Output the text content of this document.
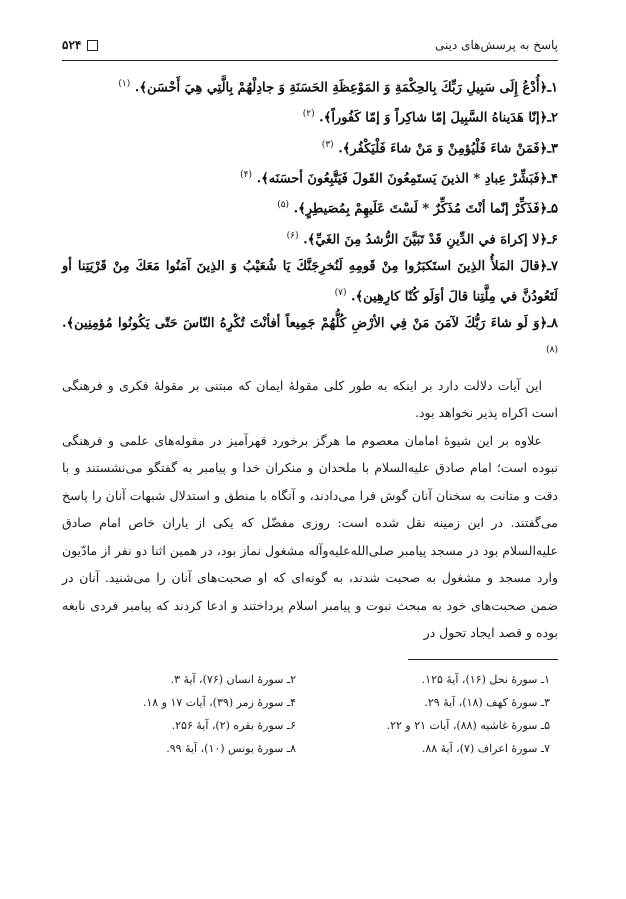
پاسخ به پرسش‌های دینی
۵۲۴
۱ـ﴿أُدْعُ إِلَى سَبِيلِ رَبِّكَ بِالحِكْمَةِ وَ المَوْعِظَةِ الحَسَنَةِ وَ جادِلْهُمْ بِالَّتِي هِيَ أَحْسَن﴾. $^{(۱)}$
۲ـ﴿إنّا هَدَيناهُ السَّبِيلَ إمّا شاكِراً وَ إمّا كَفُوراً﴾. $^{(۲)}$
۳ـ﴿فَمَنْ شاءَ فَلْيُؤمِنْ وَ مَنْ شاءَ فَلْيَكْفُر﴾. $^{(۳)}$
۴ـ﴿فَبَشِّرْ عِبادِ * الذينَ يَستَمِعُونَ القَولَ فَيَتَّبِعُونَ أحسَنَه﴾. $^{(۴)}$
۵ـ﴿فَذَكِّرْ إنّما أنْتَ مُذَكِّرٌ * لَسْتَ عَلَيهِمْ بِمُصَيطِرٍ﴾. $^{(۵)}$
۶ـ﴿لا إكراهَ في الدِّينِ قَدْ تَبَيَّنَ الرُّشدُ مِنَ الغَيِّ﴾. $^{(۶)}$
۷ـ﴿قالَ المَلأُ الذِينَ استَكبَرُوا مِنْ قَومِهِ لَنُخرِجَنَّكَ يَا شُعَيْبُ وَ الذِينَ آمَنُوا مَعَكَ مِنْ قَرْيَتِنا أو لَتَعُودُنَّ في مِلَّتِنا قالَ أوَلَو كُنّا كارِهِين﴾. $^{(۷)}$
۸ـ﴿وَ لَو شاءَ رَبُّكَ لآمَنَ مَنْ فِي الأرْضِ كُلُّهُمْ جَمِيعاً أفأنْتَ تُكْرِهُ النّاسَ حَتّى يَكُونُوا مُؤمِنِين﴾. $^{(۸)}$

این آیات دلالت دارد بر اینکه به طور کلی مقولهٔ ایمان که مبتنی بر مقولهٔ فکری و فرهنگی است اکراه پذیر نخواهد بود.

علاوه بر این شیوهٔ امامان معصوم ما هرگز برخورد قهرآمیز در مقوله‌های علمی و فرهنگی نبوده است؛ امام صادق علیه‌السلام با ملحدان و منکران خدا و پیامبر به گفتگو می‌نشستند و با دقت و متانت به سخنان آنان گوش فرا می‌دادند، و آنگاه با منطق و استدلال شبهات آنان را پاسخ می‌گفتند. در این زمینه نقل شده است: روزی مفضّل که یکی از یاران خاص امام صادق علیه‌السلام بود در مسجد پیامبر صلی‌الله‌علیه‌وآله مشغول نماز بود، در همین اثنا دو نفر از مادّیون وارد مسجد و مشغول به صحبت شدند، به گونه‌ای که او صحبت‌های آنان را می‌شنید. آنان در ضمن صحبت‌های خود به مبحث نبوت و پیامبر اسلام پرداختند و ادعا کردند که پیامبر فردی نابغه بوده و قصد ایجاد تحول در

۱ـ سورهٔ نحل (۱۶)، آیهٔ ۱۲۵.
۲ـ سورهٔ انسان (۷۶)، آیهٔ ۳.
۳ـ سورهٔ کهف (۱۸)، آیهٔ ۲۹.
۴ـ سورهٔ زمر (۳۹)، آیات ۱۷ و ۱۸.
۵ـ سورهٔ غاشیه (۸۸)، آیات ۲۱ و ۲۲.
۶ـ سورهٔ بقره (۲)، آیهٔ ۲۵۶.
۷ـ سورهٔ اعراف (۷)، آیهٔ ۸۸.
۸ـ سورهٔ یونس (۱۰)، آیهٔ ۹۹.
